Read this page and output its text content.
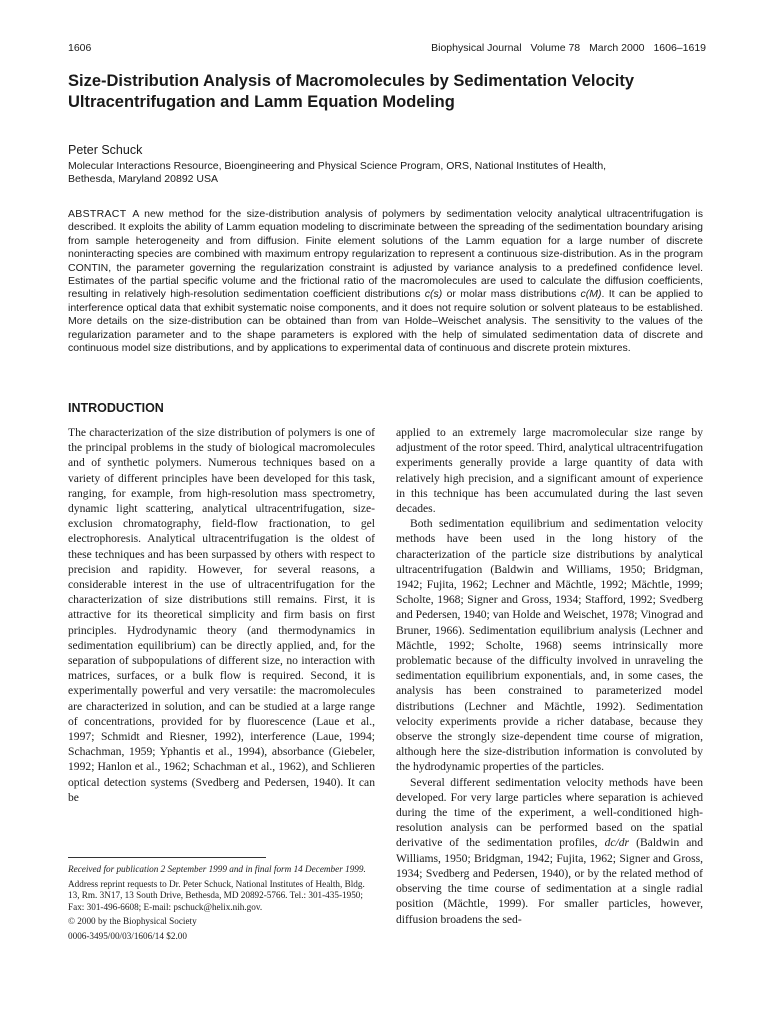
1606	Biophysical Journal Volume 78 March 2000 1606–1619
Size-Distribution Analysis of Macromolecules by Sedimentation Velocity Ultracentrifugation and Lamm Equation Modeling
Peter Schuck
Molecular Interactions Resource, Bioengineering and Physical Science Program, ORS, National Institutes of Health,
Bethesda, Maryland 20892 USA

ABSTRACT A new method for the size-distribution analysis of polymers by sedimentation velocity analytical ultracentrifugation is described. It exploits the ability of Lamm equation modeling to discriminate between the spreading of the sedimentation boundary arising from sample heterogeneity and from diffusion. Finite element solutions of the Lamm equation for a large number of discrete noninteracting species are combined with maximum entropy regularization to represent a continuous size-distribution. As in the program CONTIN, the parameter governing the regularization constraint is adjusted by variance analysis to a predefined confidence level. Estimates of the partial specific volume and the frictional ratio of the macromolecules are used to calculate the diffusion coefficients, resulting in relatively high-resolution sedimentation coefficient distributions c(s) or molar mass distributions c(M). It can be applied to interference optical data that exhibit systematic noise components, and it does not require solution or solvent plateaus to be established. More details on the size-distribution can be obtained than from van Holde–Weischet analysis. The sensitivity to the values of the regularization parameter and to the shape parameters is explored with the help of simulated sedimentation data of discrete and continuous model size distributions, and by applications to experimental data of continuous and discrete protein mixtures.

INTRODUCTION

The characterization of the size distribution of polymers is one of the principal problems in the study of biological macromolecules and of synthetic polymers. Numerous techniques based on a variety of different principles have been developed for this task, ranging, for example, from high-resolution mass spectrometry, dynamic light scattering, analytical ultracentrifugation, size-exclusion chromatography, field-flow fractionation, to gel electrophoresis. Analytical ultracentrifugation is the oldest of these techniques and has been surpassed by others with respect to precision and rapidity. However, for several reasons, a considerable interest in the use of ultracentrifugation for the characterization of size distributions still remains. First, it is attractive for its theoretical simplicity and firm basis on first principles. Hydrodynamic theory (and thermodynamics in sedimentation equilibrium) can be directly applied, and, for the separation of subpopulations of different size, no interaction with matrices, surfaces, or a bulk flow is required. Second, it is experimentally powerful and very versatile: the macromolecules are characterized in solution, and can be studied at a large range of concentrations, provided for by fluorescence (Laue et al., 1997; Schmidt and Riesner, 1992), interference (Laue, 1994; Schachman, 1959; Yphantis et al., 1994), absorbance (Giebeler, 1992; Hanlon et al., 1962; Schachman et al., 1962), and Schlieren optical detection systems (Svedberg and Pedersen, 1940). It can be

applied to an extremely large macromolecular size range by adjustment of the rotor speed. Third, analytical ultracentrifugation experiments generally provide a large quantity of data with relatively high precision, and a significant amount of experience in this technique has been accumulated during the last seven decades.

Both sedimentation equilibrium and sedimentation velocity methods have been used in the long history of the characterization of the particle size distributions by analytical ultracentrifugation (Baldwin and Williams, 1950; Bridgman, 1942; Fujita, 1962; Lechner and Mächtle, 1992; Mächtle, 1999; Scholte, 1968; Signer and Gross, 1934; Stafford, 1992; Svedberg and Pedersen, 1940; van Holde and Weischet, 1978; Vinograd and Bruner, 1966). Sedimentation equilibrium analysis (Lechner and Mächtle, 1992; Scholte, 1968) seems intrinsically more problematic because of the difficulty involved in unraveling the sedimentation equilibrium exponentials, and, in some cases, the analysis has been constrained to parameterized model distributions (Lechner and Mächtle, 1992). Sedimentation velocity experiments provide a richer database, because they observe the strongly size-dependent time course of migration, although here the size-distribution information is convoluted by the hydrodynamic properties of the particles.

Several different sedimentation velocity methods have been developed. For very large particles where separation is achieved during the time of the experiment, a well-conditioned high-resolution analysis can be performed based on the spatial derivative of the sedimentation profiles, dc/dr (Baldwin and Williams, 1950; Bridgman, 1942; Fujita, 1962; Signer and Gross, 1934; Svedberg and Pedersen, 1940), or by the related method of observing the time course of sedimentation at a single radial position (Mächtle, 1999). For smaller particles, however, diffusion broadens the sed-

Received for publication 2 September 1999 and in final form 14 December 1999.

Address reprint requests to Dr. Peter Schuck, National Institutes of Health, Bldg. 13, Rm. 3N17, 13 South Drive, Bethesda, MD 20892-5766. Tel.: 301-435-1950; Fax: 301-496-6608; E-mail: pschuck@helix.nih.gov.

© 2000 by the Biophysical Society

0006-3495/00/03/1606/14 $2.00
